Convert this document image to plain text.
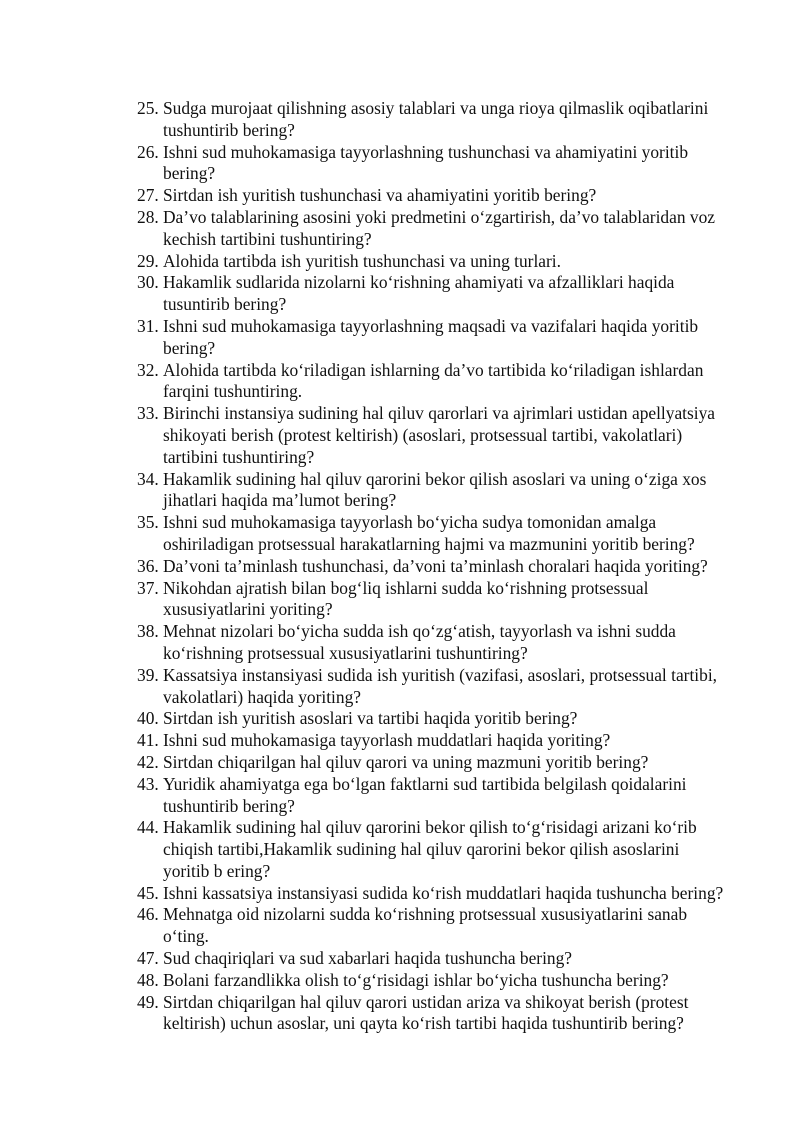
25. Sudga murojaat qilishning asosiy talablari va unga rioya qilmaslik oqibatlarini
tushuntirib bering?
26. Ishni sud muhokamasiga tayyorlashning tushunchasi va ahamiyatini yoritib
bering?
27. Sirtdan ish yuritish tushunchasi va ahamiyatini yoritib bering?
28. Da’vo talablarining asosini yoki predmetini o‘zgartirish, da’vo talablaridan voz
kechish tartibini tushuntiring?
29. Alohida tartibda ish yuritish tushunchasi va uning turlari.
30. Hakamlik sudlarida nizolarni ko‘rishning ahamiyati va afzalliklari haqida
tusuntirib bering?
31. Ishni sud muhokamasiga tayyorlashning maqsadi va vazifalari haqida yoritib
bering?
32. Alohida tartibda ko‘riladigan ishlarning da’vo tartibida ko‘riladigan ishlardan
farqini tushuntiring.
33. Birinchi instansiya sudining hal qiluv qarorlari va ajrimlari ustidan apellyatsiya
shikoyati berish (protest keltirish) (asoslari, protsessual tartibi, vakolatlari)
tartibini tushuntiring?
34. Hakamlik sudining hal qiluv qarorini bekor qilish asoslari va uning o‘ziga xos
jihatlari haqida ma’lumot bering?
35. Ishni sud muhokamasiga tayyorlash bo‘yicha sudya tomonidan amalga
oshiriladigan protsessual harakatlarning hajmi va mazmunini yoritib bering?
36. Da’voni ta’minlash tushunchasi, da’voni ta’minlash choralari haqida yoriting?
37. Nikohdan ajratish bilan bog‘liq ishlarni sudda ko‘rishning protsessual
xususiyatlarini yoriting?
38. Mehnat nizolari bo‘yicha sudda ish qo‘zg‘atish, tayyorlash va ishni sudda
ko‘rishning protsessual xususiyatlarini tushuntiring?
39. Kassatsiya instansiyasi sudida ish yuritish (vazifasi, asoslari, protsessual tartibi,
vakolatlari) haqida yoriting?
40. Sirtdan ish yuritish asoslari va tartibi haqida yoritib bering?
41. Ishni sud muhokamasiga tayyorlash muddatlari haqida yoriting?
42. Sirtdan chiqarilgan hal qiluv qarori va uning mazmuni yoritib bering?
43. Yuridik ahamiyatga ega bo‘lgan faktlarni sud tartibida belgilash qoidalarini
tushuntirib bering?
44. Hakamlik sudining hal qiluv qarorini bekor qilish to‘g‘risidagi arizani ko‘rib
chiqish tartibi,Hakamlik sudining hal qiluv qarorini bekor qilish asoslarini
yoritib b ering?
45. Ishni kassatsiya instansiyasi sudida ko‘rish muddatlari haqida tushuncha bering?
46. Mehnatga oid nizolarni sudda ko‘rishning protsessual xususiyatlarini sanab
o‘ting.
47. Sud chaqiriqlari va sud xabarlari haqida tushuncha bering?
48. Bolani farzandlikka olish to‘g‘risidagi ishlar bo‘yicha tushuncha bering?
49. Sirtdan chiqarilgan hal qiluv qarori ustidan ariza va shikoyat berish (protest
keltirish) uchun asoslar, uni qayta ko‘rish tartibi haqida tushuntirib bering?
